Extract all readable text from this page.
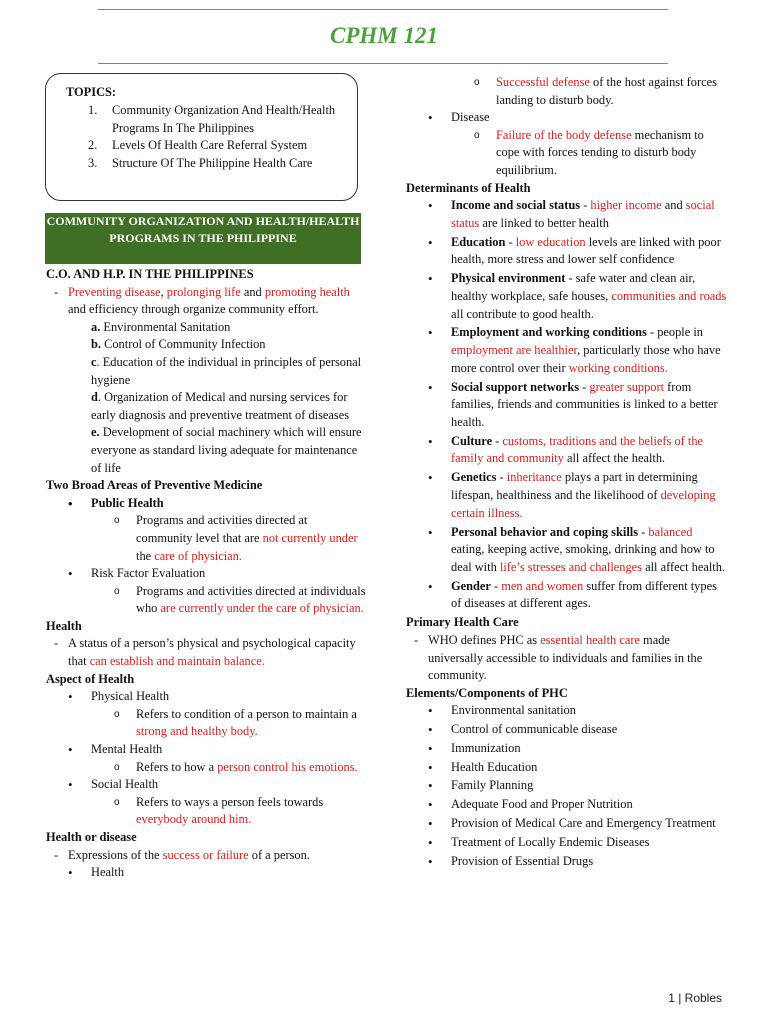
CPHM 121
TOPICS:
1. Community Organization And Health/Health Programs In The Philippines
2. Levels Of Health Care Referral System
3. Structure Of The Philippine Health Care
COMMUNITY ORGANIZATION AND HEALTH/HEALTH PROGRAMS IN THE PHILIPPINE
C.O. AND H.P. IN THE PHILIPPINES
- Preventing disease, prolonging life and promoting health and efficiency through organize community effort.
a. Environmental Sanitation
b. Control of Community Infection
c. Education of the individual in principles of personal hygiene
d. Organization of Medical and nursing services for early diagnosis and preventive treatment of diseases
e. Development of social machinery which will ensure everyone as standard living adequate for maintenance of life
Two Broad Areas of Preventive Medicine
• Public Health
o Programs and activities directed at community level that are not currently under the care of physician.
• Risk Factor Evaluation
o Programs and activities directed at individuals who are currently under the care of physician.
Health
- A status of a person’s physical and psychological capacity that can establish and maintain balance.
Aspect of Health
• Physical Health
o Refers to condition of a person to maintain a strong and healthy body.
• Mental Health
o Refers to how a person control his emotions.
• Social Health
o Refers to ways a person feels towards everybody around him.
Health or disease
- Expressions of the success or failure of a person.
• Health
o Successful defense of the host against forces landing to disturb body.
• Disease
o Failure of the body defense mechanism to cope with forces tending to disturb body equilibrium.
Determinants of Health
• Income and social status - higher income and social status are linked to better health
• Education - low education levels are linked with poor health, more stress and lower self confidence
• Physical environment - safe water and clean air, healthy workplace, safe houses, communities and roads all contribute to good health.
• Employment and working conditions - people in employment are healthier, particularly those who have more control over their working conditions.
• Social support networks - greater support from families, friends and communities is linked to a better health.
• Culture - customs, traditions and the beliefs of the family and community all affect the health.
• Genetics - inheritance plays a part in determining lifespan, healthiness and the likelihood of developing certain illness.
• Personal behavior and coping skills - balanced eating, keeping active, smoking, drinking and how to deal with life’s stresses and challenges all affect health.
• Gender - men and women suffer from different types of diseases at different ages.
Primary Health Care
- WHO defines PHC as essential health care made universally accessible to individuals and families in the community.
Elements/Components of PHC
• Environmental sanitation
• Control of communicable disease
• Immunization
• Health Education
• Family Planning
• Adequate Food and Proper Nutrition
• Provision of Medical Care and Emergency Treatment
• Treatment of Locally Endemic Diseases
• Provision of Essential Drugs
1 | Robles
